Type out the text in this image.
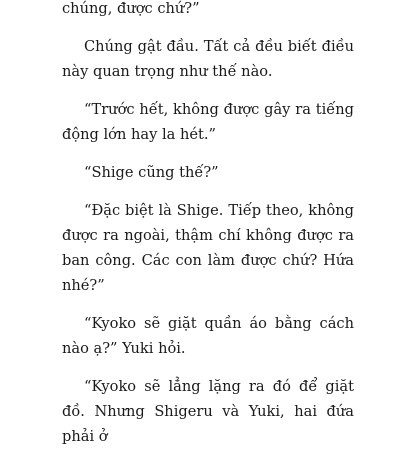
chúng, được chứ?”

Chúng gật đầu. Tất cả đều biết điều này quan trọng như thế nào.

“Trước hết, không được gây ra tiếng động lớn hay la hét.”

“Shige cũng thế?”

“Đặc biệt là Shige. Tiếp theo, không được ra ngoài, thậm chí không được ra ban công. Các con làm được chứ? Hứa nhé?”

“Kyoko sẽ giặt quần áo bằng cách nào ạ?” Yuki hỏi.

“Kyoko sẽ lẳng lặng ra đó để giặt đồ. Nhưng Shigeru và Yuki, hai đứa phải ở
